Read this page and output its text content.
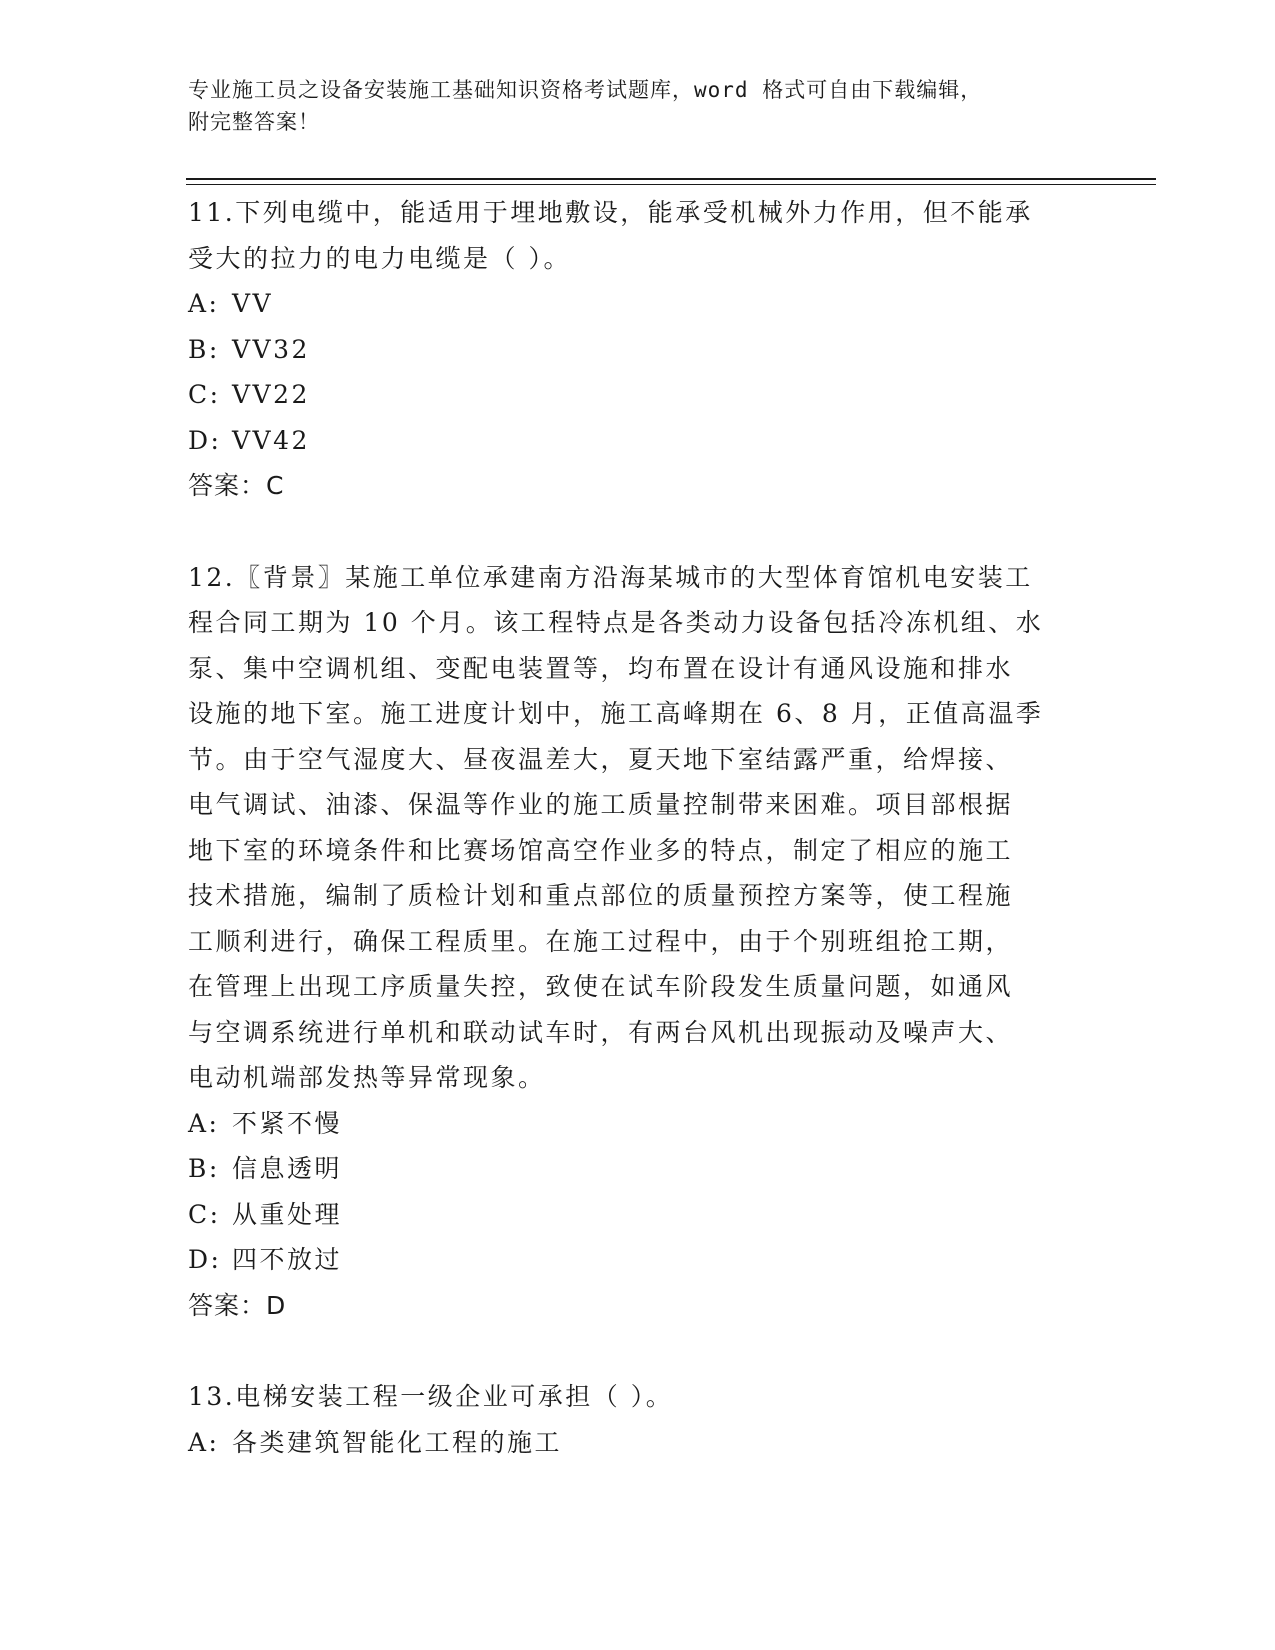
专业施工员之设备安装施工基础知识资格考试题库，word 格式可自由下载编辑，
附完整答案！

11.下列电缆中，能适用于埋地敷设，能承受机械外力作用，但不能承

受大的拉力的电力电缆是（ ）。

A: VV

B: VV32

C: VV22

D: VV42

答案：C

12.〖背景〗某施工单位承建南方沿海某城市的大型体育馆机电安装工

程合同工期为 10 个月。该工程特点是各类动力设备包括冷冻机组、水

泵、集中空调机组、变配电装置等，均布置在设计有通风设施和排水

设施的地下室。施工进度计划中，施工高峰期在 6、8 月，正值高温季

节。由于空气湿度大、昼夜温差大，夏天地下室结露严重，给焊接、

电气调试、油漆、保温等作业的施工质量控制带来困难。项目部根据

地下室的环境条件和比赛场馆高空作业多的特点，制定了相应的施工

技术措施，编制了质检计划和重点部位的质量预控方案等，使工程施

工顺利进行，确保工程质里。在施工过程中，由于个别班组抢工期，

在管理上出现工序质量失控，致使在试车阶段发生质量问题，如通风

与空调系统进行单机和联动试车时，有两台风机出现振动及噪声大、

电动机端部发热等异常现象。

A: 不紧不慢

B: 信息透明

C: 从重处理

D: 四不放过

答案：D

13.电梯安装工程一级企业可承担（ ）。

A: 各类建筑智能化工程的施工
